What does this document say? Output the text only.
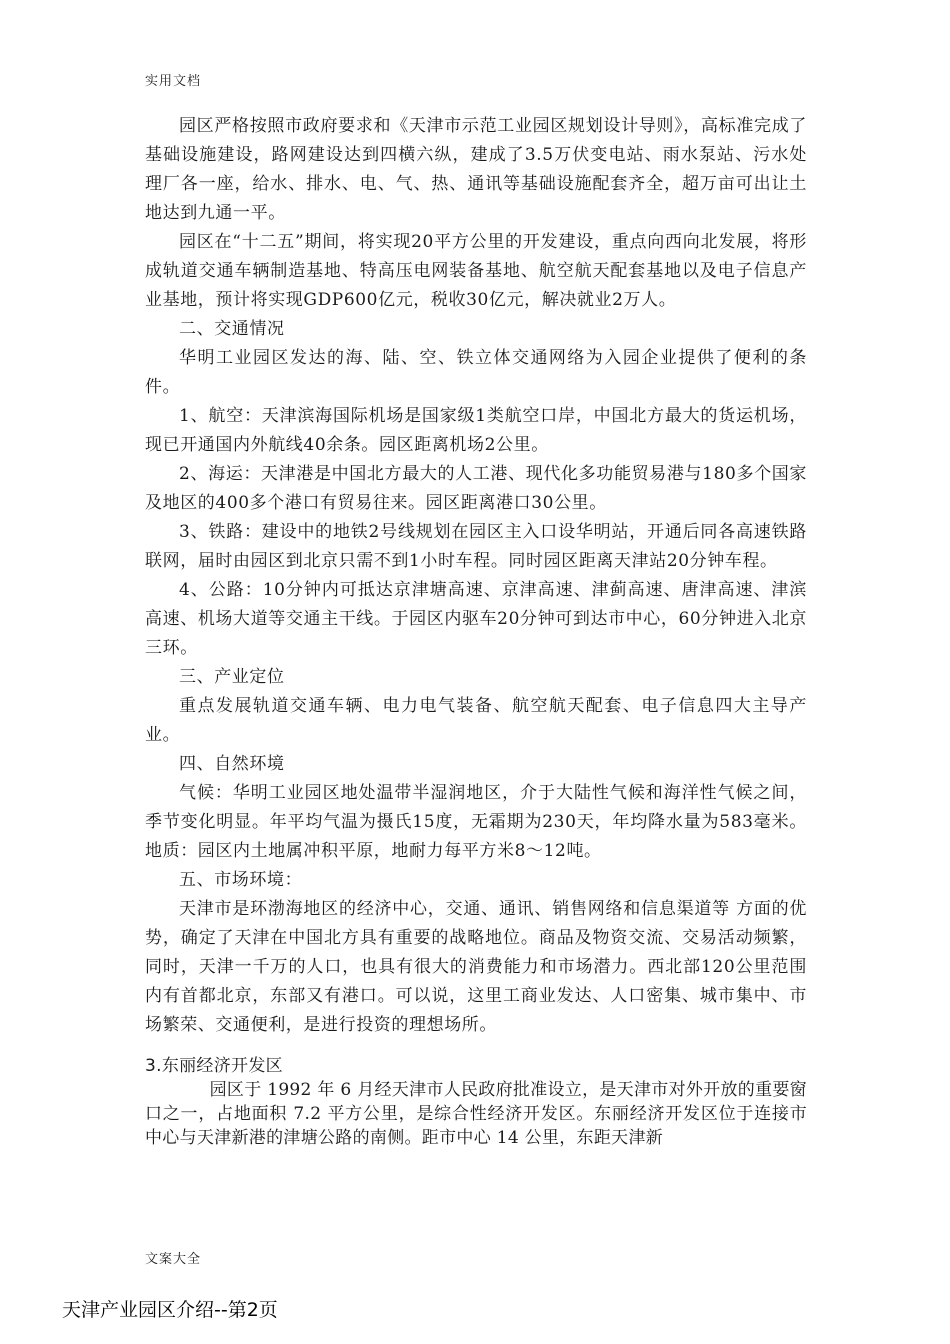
实用文档

园区严格按照市政府要求和《天津市示范工业园区规划设计导则》，高标准完成了基础设施建设，路网建设达到四横六纵，建成了3.5万伏变电站、雨水泵站、污水处理厂各一座，给水、排水、电、气、热、通讯等基础设施配套齐全，超万亩可出让土地达到九通一平。

园区在“十二五”期间，将实现20平方公里的开发建设，重点向西向北发展，将形成轨道交通车辆制造基地、特高压电网装备基地、航空航天配套基地以及电子信息产业基地，预计将实现GDP600亿元，税收30亿元，解决就业2万人。

二、交通情况

华明工业园区发达的海、陆、空、铁立体交通网络为入园企业提供了便利的条件。

1、航空：天津滨海国际机场是国家级1类航空口岸，中国北方最大的货运机场，现已开通国内外航线40余条。园区距离机场2公里。

2、海运：天津港是中国北方最大的人工港、现代化多功能贸易港与180多个国家及地区的400多个港口有贸易往来。园区距离港口30公里。

3、铁路：建设中的地铁2号线规划在园区主入口设华明站，开通后同各高速铁路联网，届时由园区到北京只需不到1小时车程。同时园区距离天津站20分钟车程。

4、公路：10分钟内可抵达京津塘高速、京津高速、津蓟高速、唐津高速、津滨高速、机场大道等交通主干线。于园区内驱车20分钟可到达市中心，60分钟进入北京三环。

三、产业定位

重点发展轨道交通车辆、电力电气装备、航空航天配套、电子信息四大主导产业。

四、自然环境

气候：华明工业园区地处温带半湿润地区，介于大陆性气候和海洋性气候之间，季节变化明显。年平均气温为摄氏15度，无霜期为230天，年均降水量为583毫米。地质：园区内土地属冲积平原，地耐力每平方米8～12吨。

五、市场环境：

天津市是环渤海地区的经济中心，交通、通讯、销售网络和信息渠道等 方面的优势，确定了天津在中国北方具有重要的战略地位。商品及物资交流、交易活动频繁，同时，天津一千万的人口，也具有很大的消费能力和市场潜力。西北部120公里范围内有首都北京，东部又有港口。可以说，这里工商业发达、人口密集、城市集中、市场繁荣、交通便利，是进行投资的理想场所。

3.东丽经济开发区

园区于 1992 年 6 月经天津市人民政府批准设立，是天津市对外开放的重要窗口之一，占地面积 7.2 平方公里，是综合性经济开发区。东丽经济开发区位于连接市中心与天津新港的津塘公路的南侧。距市中心 14 公里，东距天津新

文案大全
天津产业园区介绍--第2页
